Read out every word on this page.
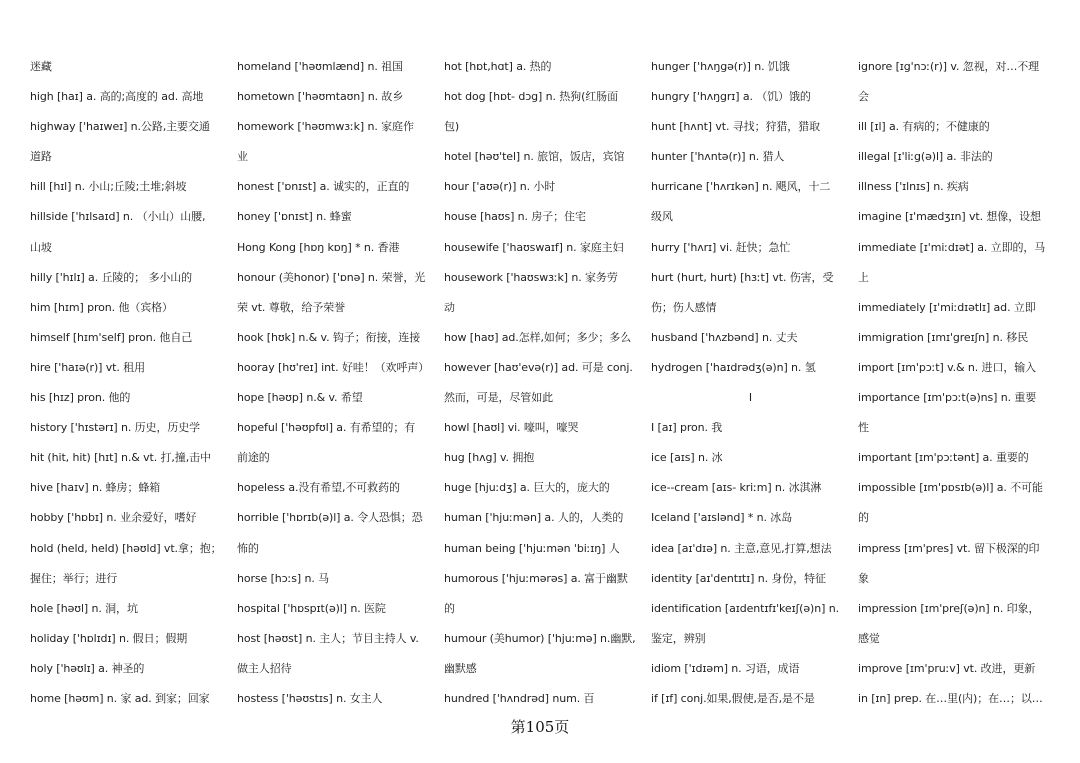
迷藏
high [haɪ] a. 高的;高度的 ad. 高地
highway ['haɪweɪ] n.公路,主要交通
道路
hill [hɪl] n. 小山;丘陵;土堆;斜坡
hillside ['hɪlsaɪd] n. （小山）山腰,
山坡
hilly ['hɪlɪ] a. 丘陵的； 多小山的
him [hɪm] pron. 他（宾格）
himself [hɪm'self] pron. 他自己
hire ['haɪə(r)] vt. 租用
his [hɪz] pron. 他的
history ['hɪstərɪ] n. 历史，历史学
hit (hit, hit) [hɪt] n.& vt. 打,撞,击中
hive [haɪv] n. 蜂房；蜂箱
hobby ['hɒbɪ] n. 业余爱好，嗜好
hold (held, held) [həʊld] vt.拿；抱；
握住；举行；进行
hole [həʊl] n. 洞，坑
holiday ['hɒlɪdɪ] n. 假日；假期
holy ['həʊlɪ] a. 神圣的
home [həʊm] n. 家 ad. 到家；回家
homeland ['həʊmlænd] n. 祖国
hometown ['həʊmtaʊn] n. 故乡
homework ['həʊmwɜːk] n. 家庭作
业
honest ['ɒnɪst] a. 诚实的，正直的
honey ['ɒnɪst] n. 蜂蜜
Hong Kong [hɒŋ kɒŋ] * n. 香港
honour (美honor) ['ɒnə] n. 荣誉，光
荣 vt. 尊敬，给予荣誉
hook [hʊk] n.& v. 钩子；衔接，连接
hooray [hʊ'reɪ] int. 好哇！（欢呼声）
hope [həʊp] n.& v. 希望
hopeful ['həʊpfʊl] a. 有希望的；有
前途的
hopeless a.没有希望,不可救药的
horrible ['hɒrɪb(ə)l] a. 令人恐惧；恐
怖的
horse [hɔːs] n. 马
hospital ['hɒspɪt(ə)l] n. 医院
host [həʊst] n. 主人；节目主持人 v.
做主人招待
hostess ['həʊstɪs] n. 女主人
hot [hɒt,hɑt] a. 热的
hot dog [hɒt- dɔg] n. 热狗(红肠面
包)
hotel [həʊ'tel] n. 旅馆，饭店，宾馆
hour ['aʊə(r)] n. 小时
house [haʊs] n. 房子；住宅
housewife ['haʊswaɪf] n. 家庭主妇
housework ['haʊswɜːk] n. 家务劳
动
how [haʊ] ad.怎样,如何；多少；多么
however [haʊ'evə(r)] ad. 可是 conj.
然而，可是，尽管如此
howl [haʊl] vi. 嚎叫，嚎哭
hug [hʌg] v. 拥抱
huge [hjuːdʒ] a. 巨大的，庞大的
human ['hjuːmən] a. 人的，人类的
human being ['hjuːmən 'biːɪŋ] 人
humorous ['hjuːmərəs] a. 富于幽默
的
humour (美humor) ['hjuːmə] n.幽默,
幽默感
hundred ['hʌndrəd] num. 百
hunger ['hʌŋgə(r)] n. 饥饿
hungry ['hʌŋgrɪ] a. （饥）饿的
hunt [hʌnt] vt. 寻找；狩猎，猎取
hunter ['hʌntə(r)] n. 猎人
hurricane ['hʌrɪkən] n. 飓风，十二
级风
hurry ['hʌrɪ] vi. 赶快；急忙
hurt (hurt, hurt) [hɜːt] vt. 伤害，受
伤；伤人感情
husband ['hʌzbənd] n. 丈夫
hydrogen ['haɪdrədʒ(ə)n] n. 氢
I
I [aɪ] pron. 我
ice [aɪs] n. 冰
ice--cream [aɪs- kriːm] n. 冰淇淋
Iceland ['aɪslənd] * n. 冰岛
idea [aɪ'dɪə] n. 主意,意见,打算,想法
identity [aɪ'dentɪtɪ] n. 身份，特征
identification [aɪdentɪfɪ'keɪʃ(ə)n] n.
鉴定，辨别
idiom ['ɪdɪəm] n. 习语，成语
if [ɪf] conj.如果,假使,是否,是不是
ignore [ɪg'nɔː(r)] v. 忽视，对…不理
会
ill [ɪl] a. 有病的；不健康的
illegal [ɪ'liːg(ə)l] a. 非法的
illness ['ɪlnɪs] n. 疾病
imagine [ɪ'mædʒɪn] vt. 想像，设想
immediate [ɪ'miːdɪət] a. 立即的，马
上
immediately [ɪ'miːdɪətlɪ] ad. 立即
immigration [ɪmɪ'greɪʃn] n. 移民
import [ɪm'pɔːt] v.& n. 进口，输入
importance [ɪm'pɔːt(ə)ns] n. 重要
性
important [ɪm'pɔːtənt] a. 重要的
impossible [ɪm'pɒsɪb(ə)l] a. 不可能
的
impress [ɪm'pres] vt. 留下极深的印
象
impression [ɪm'preʃ(ə)n] n. 印象，
感觉
improve [ɪm'pruːv] vt. 改进，更新
in [ɪn] prep. 在…里(内)；在…；以…
第105页
